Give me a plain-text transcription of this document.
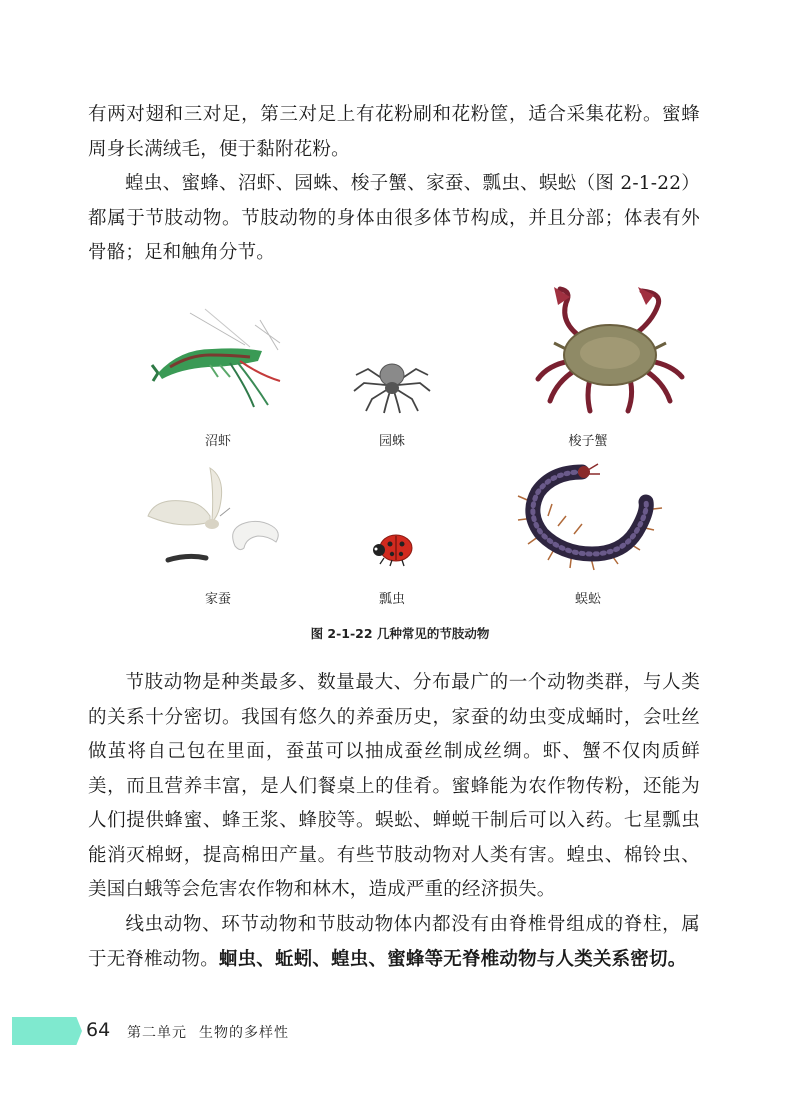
有两对翅和三对足，第三对足上有花粉刷和花粉筐，适合采集花粉。蜜蜂周身长满绒毛，便于黏附花粉。

蝗虫、蜜蜂、沼虾、园蛛、梭子蟹、家蚕、瓢虫、蜈蚣（图 2-1-22）都属于节肢动物。节肢动物的身体由很多体节构成，并且分部；体表有外骨骼；足和触角分节。

沼虾	园蛛	梭子蟹
家蚕	瓢虫	蜈蚣
图 2-1-22 几种常见的节肢动物

节肢动物是种类最多、数量最大、分布最广的一个动物类群，与人类的关系十分密切。我国有悠久的养蚕历史，家蚕的幼虫变成蛹时，会吐丝做茧将自己包在里面，蚕茧可以抽成蚕丝制成丝绸。虾、蟹不仅肉质鲜美，而且营养丰富，是人们餐桌上的佳肴。蜜蜂能为农作物传粉，还能为人们提供蜂蜜、蜂王浆、蜂胶等。蜈蚣、蝉蜕干制后可以入药。七星瓢虫能消灭棉蚜，提高棉田产量。有些节肢动物对人类有害。蝗虫、棉铃虫、美国白蛾等会危害农作物和林木，造成严重的经济损失。

线虫动物、环节动物和节肢动物体内都没有由脊椎骨组成的脊柱，属于无脊椎动物。蛔虫、蚯蚓、蝗虫、蜜蜂等无脊椎动物与人类关系密切。

64 第二单元 生物的多样性
